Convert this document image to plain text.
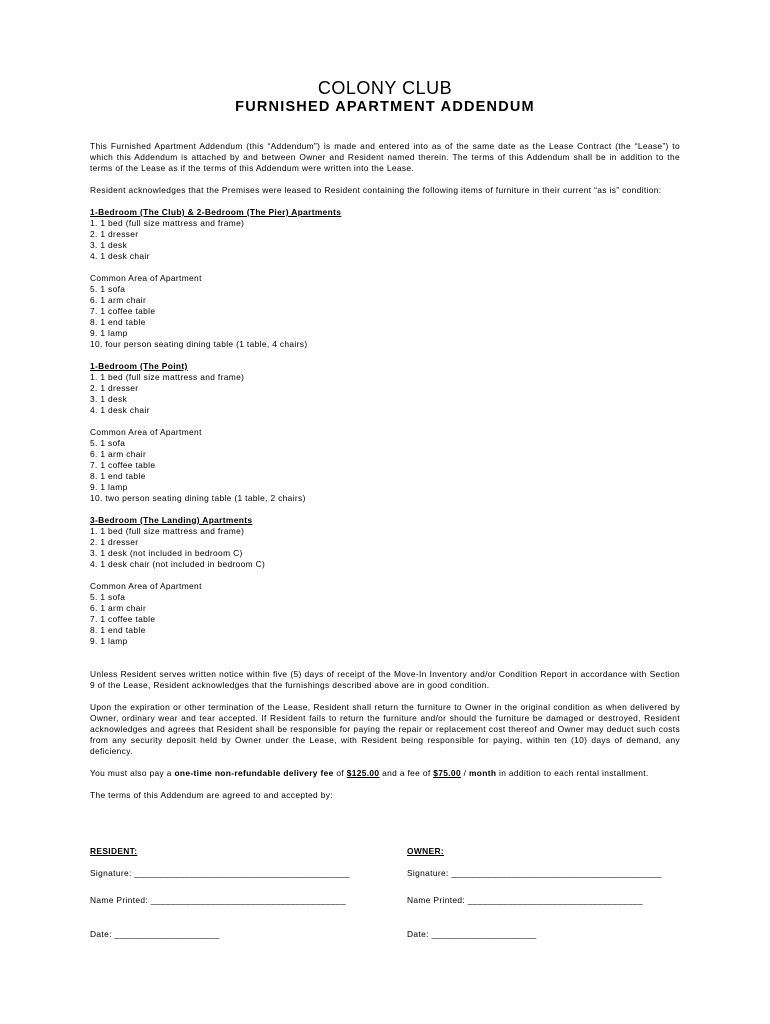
COLONY CLUB
FURNISHED APARTMENT ADDENDUM

This Furnished Apartment Addendum (this “Addendum”) is made and entered into as of the same date as the Lease Contract (the “Lease”) to which this Addendum is attached by and between Owner and Resident named therein. The terms of this Addendum shall be in addition to the terms of the Lease as if the terms of this Addendum were written into the Lease.

Resident acknowledges that the Premises were leased to Resident containing the following items of furniture in their current “as is” condition:

1-Bedroom (The Club) & 2-Bedroom (The Pier) Apartments

1. 1 bed (full size mattress and frame)

2. 1 dresser

3. 1 desk

4. 1 desk chair

Common Area of Apartment

5. 1 sofa

6. 1 arm chair

7. 1 coffee table

8. 1 end table

9. 1 lamp

10. four person seating dining table (1 table, 4 chairs)

1-Bedroom (The Point)

1. 1 bed (full size mattress and frame)

2. 1 dresser

3. 1 desk

4. 1 desk chair

Common Area of Apartment

5. 1 sofa

6. 1 arm chair

7. 1 coffee table

8. 1 end table

9. 1 lamp

10. two person seating dining table (1 table, 2 chairs)

3-Bedroom (The Landing) Apartments

1. 1 bed (full size mattress and frame)

2. 1 dresser

3. 1 desk (not included in bedroom C)

4. 1 desk chair (not included in bedroom C)

Common Area of Apartment

5. 1 sofa

6. 1 arm chair

7. 1 coffee table

8. 1 end table

9. 1 lamp

Unless Resident serves written notice within five (5) days of receipt of the Move-In Inventory and/or Condition Report in accordance with Section 9 of the Lease, Resident acknowledges that the furnishings described above are in good condition.

Upon the expiration or other termination of the Lease, Resident shall return the furniture to Owner in the original condition as when delivered by Owner, ordinary wear and tear accepted. If Resident fails to return the furniture and/or should the furniture be damaged or destroyed, Resident acknowledges and agrees that Resident shall be responsible for paying the repair or replacement cost thereof and Owner may deduct such costs from any security deposit held by Owner under the Lease, with Resident being responsible for paying, within ten (10) days of demand, any deficiency.

You must also pay a one-time non-refundable delivery fee of $125.00 and a fee of $75.00 / month in addition to each rental installment.

The terms of this Addendum are agreed to and accepted by:

RESIDENT:	OWNER:
Signature: ___________________________________________	Signature: __________________________________________
Name Printed: _______________________________________	Name Printed: ___________________________________
Date: _____________________	Date: _____________________
